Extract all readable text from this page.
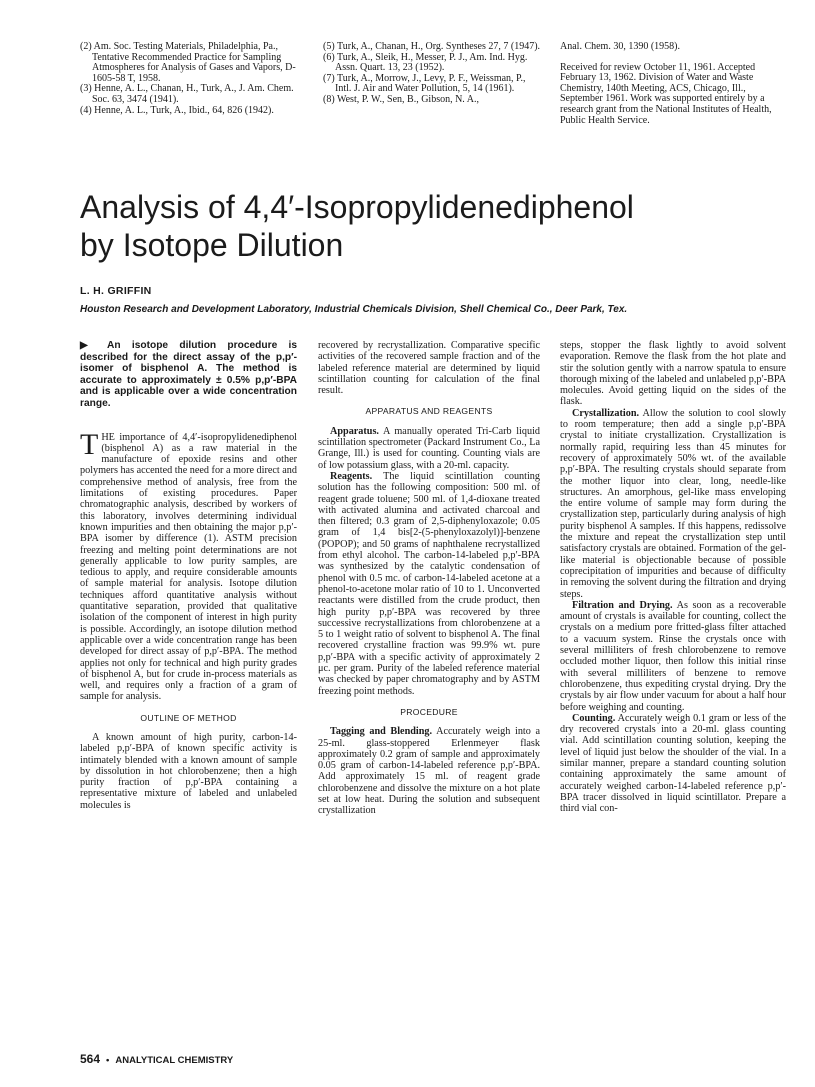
(2) Am. Soc. Testing Materials, Philadelphia, Pa., Tentative Recommended Practice for Sampling Atmospheres for Analysis of Gases and Vapors, D-1605-58 T, 1958.

(3) Henne, A. L., Chanan, H., Turk, A., J. Am. Chem. Soc. 63, 3474 (1941).

(4) Henne, A. L., Turk, A., Ibid., 64, 826 (1942).

(5) Turk, A., Chanan, H., Org. Syntheses 27, 7 (1947).

(6) Turk, A., Sleik, H., Messer, P. J., Am. Ind. Hyg. Assn. Quart. 13, 23 (1952).

(7) Turk, A., Morrow, J., Levy, P. F., Weissman, P., Intl. J. Air and Water Pollution, 5, 14 (1961).

(8) West, P. W., Sen, B., Gibson, N. A.,

Anal. Chem. 30, 1390 (1958).

Received for review October 11, 1961. Accepted February 13, 1962. Division of Water and Waste Chemistry, 140th Meeting, ACS, Chicago, Ill., September 1961. Work was supported entirely by a research grant from the National Institutes of Health, Public Health Service.

Analysis of 4,4′-Isopropylidenediphenol by Isotope Dilution
L. H. GRIFFIN
Houston Research and Development Laboratory, Industrial Chemicals Division, Shell Chemical Co., Deer Park, Tex.
▶ An isotope dilution procedure is described for the direct assay of the p,p′-isomer of bisphenol A. The method is accurate to approximately ± 0.5% p,p′-BPA and is applicable over a wide concentration range.

THE importance of 4,4′-isopropylidenediphenol (bisphenol A) as a raw material in the manufacture of epoxide resins and other polymers has accented the need for a more direct and comprehensive method of analysis, free from the limitations of existing procedures. Paper chromatographic analysis, described by workers of this laboratory, involves determining individual known impurities and then obtaining the major p,p′-BPA isomer by difference (1). ASTM precision freezing and melting point determinations are not generally applicable to low purity samples, are tedious to apply, and require considerable amounts of sample material for analysis. Isotope dilution techniques afford quantitative analysis without quantitative separation, provided that qualitative isolation of the component of interest in high purity is possible. Accordingly, an isotope dilution method applicable over a wide concentration range has been developed for direct assay of p,p′-BPA. The method applies not only for technical and high purity grades of bisphenol A, but for crude in-process materials as well, and requires only a fraction of a gram of sample for analysis.

OUTLINE OF METHOD

A known amount of high purity, carbon-14-labeled p,p′-BPA of known specific activity is intimately blended with a known amount of sample by dissolution in hot chlorobenzene; then a high purity fraction of p,p′-BPA containing a representative mixture of labeled and unlabeled molecules is

recovered by recrystallization. Comparative specific activities of the recovered sample fraction and of the labeled reference material are determined by liquid scintillation counting for calculation of the final result.

APPARATUS AND REAGENTS

Apparatus. A manually operated Tri-Carb liquid scintillation spectrometer (Packard Instrument Co., La Grange, Ill.) is used for counting. Counting vials are of low potassium glass, with a 20-ml. capacity.

Reagents. The liquid scintillation counting solution has the following composition: 500 ml. of reagent grade toluene; 500 ml. of 1,4-dioxane treated with activated alumina and activated charcoal and then filtered; 0.3 gram of 2,5-diphenyloxazole; 0.05 gram of 1,4 bis[2-(5-phenyloxazolyl)]-benzene (POPOP); and 50 grams of naphthalene recrystallized from ethyl alcohol. The carbon-14-labeled p,p′-BPA was synthesized by the catalytic condensation of phenol with 0.5 mc. of carbon-14-labeled acetone at a phenol-to-acetone molar ratio of 10 to 1. Unconverted reactants were distilled from the crude product, then high purity p,p′-BPA was recovered by three successive recrystallizations from chlorobenzene at a 5 to 1 weight ratio of solvent to bisphenol A. The final recovered crystalline fraction was 99.9% wt. pure p,p′-BPA with a specific activity of approximately 2 μc. per gram. Purity of the labeled reference material was checked by paper chromatography and by ASTM freezing point methods.

PROCEDURE

Tagging and Blending. Accurately weigh into a 25-ml. glass-stoppered Erlenmeyer flask approximately 0.2 gram of sample and approximately 0.05 gram of carbon-14-labeled reference p,p′-BPA. Add approximately 15 ml. of reagent grade chlorobenzene and dissolve the mixture on a hot plate set at low heat. During the solution and subsequent crystallization

steps, stopper the flask lightly to avoid solvent evaporation. Remove the flask from the hot plate and stir the solution gently with a narrow spatula to ensure thorough mixing of the labeled and unlabeled p,p′-BPA molecules. Avoid getting liquid on the sides of the flask.

Crystallization. Allow the solution to cool slowly to room temperature; then add a single p,p′-BPA crystal to initiate crystallization. Crystallization is normally rapid, requiring less than 45 minutes for recovery of approximately 50% wt. of the available p,p′-BPA. The resulting crystals should separate from the mother liquor into clear, long, needle-like structures. An amorphous, gel-like mass enveloping the entire volume of sample may form during the crystallization step, particularly during analysis of high purity bisphenol A samples. If this happens, redissolve the mixture and repeat the crystallization step until satisfactory crystals are obtained. Formation of the gel-like material is objectionable because of possible coprecipitation of impurities and because of difficulty in removing the solvent during the filtration and drying steps.

Filtration and Drying. As soon as a recoverable amount of crystals is available for counting, collect the crystals on a medium pore fritted-glass filter attached to a vacuum system. Rinse the crystals once with several milliliters of fresh chlorobenzene to remove occluded mother liquor, then follow this initial rinse with several milliliters of benzene to remove chlorobenzene, thus expediting crystal drying. Dry the crystals by air flow under vacuum for about a half hour before weighing and counting.

Counting. Accurately weigh 0.1 gram or less of the dry recovered crystals into a 20-ml. glass counting vial. Add scintillation counting solution, keeping the level of liquid just below the shoulder of the vial. In a similar manner, prepare a standard counting solution containing approximately the same amount of accurately weighed carbon-14-labeled reference p,p′-BPA tracer dissolved in liquid scintillator. Prepare a third vial con-

564 • ANALYTICAL CHEMISTRY
